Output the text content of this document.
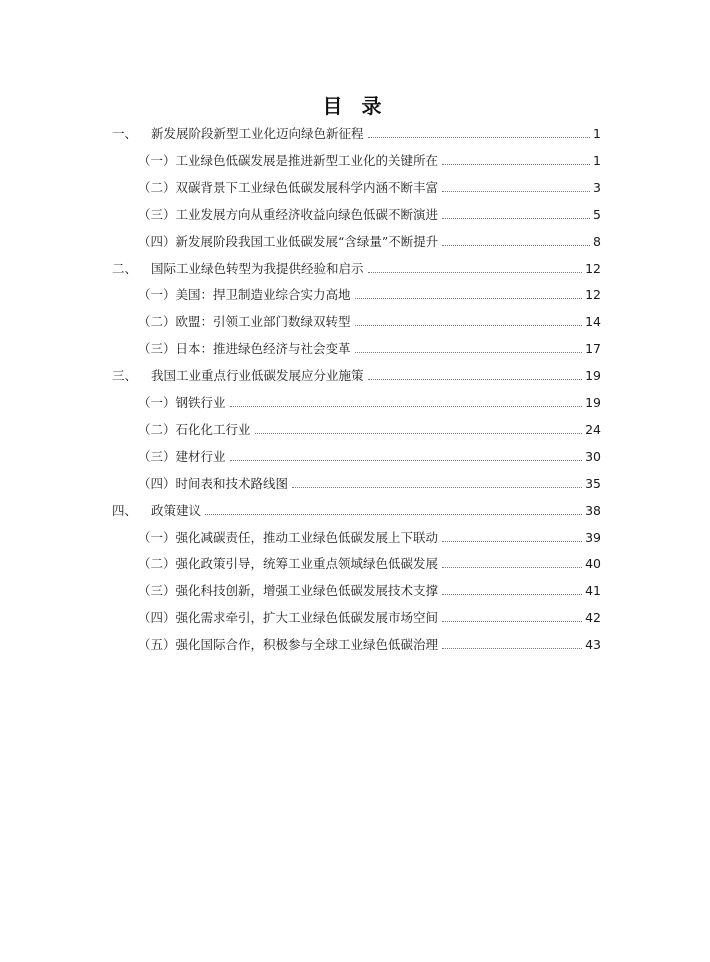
目 录
一、 新发展阶段新型工业化迈向绿色新征程	1
（一）工业绿色低碳发展是推进新型工业化的关键所在	1
（二）双碳背景下工业绿色低碳发展科学内涵不断丰富	3
（三）工业发展方向从重经济收益向绿色低碳不断演进	5
（四）新发展阶段我国工业低碳发展“含绿量”不断提升	8
二、 国际工业绿色转型为我提供经验和启示	12
（一）美国：捍卫制造业综合实力高地	12
（二）欧盟：引领工业部门数绿双转型	14
（三）日本：推进绿色经济与社会变革	17
三、 我国工业重点行业低碳发展应分业施策	19
（一）钢铁行业	19
（二）石化化工行业	24
（三）建材行业	30
（四）时间表和技术路线图	35
四、 政策建议	38
（一）强化减碳责任，推动工业绿色低碳发展上下联动	39
（二）强化政策引导，统筹工业重点领域绿色低碳发展	40
（三）强化科技创新，增强工业绿色低碳发展技术支撑	41
（四）强化需求牵引，扩大工业绿色低碳发展市场空间	42
（五）强化国际合作，积极参与全球工业绿色低碳治理	43
